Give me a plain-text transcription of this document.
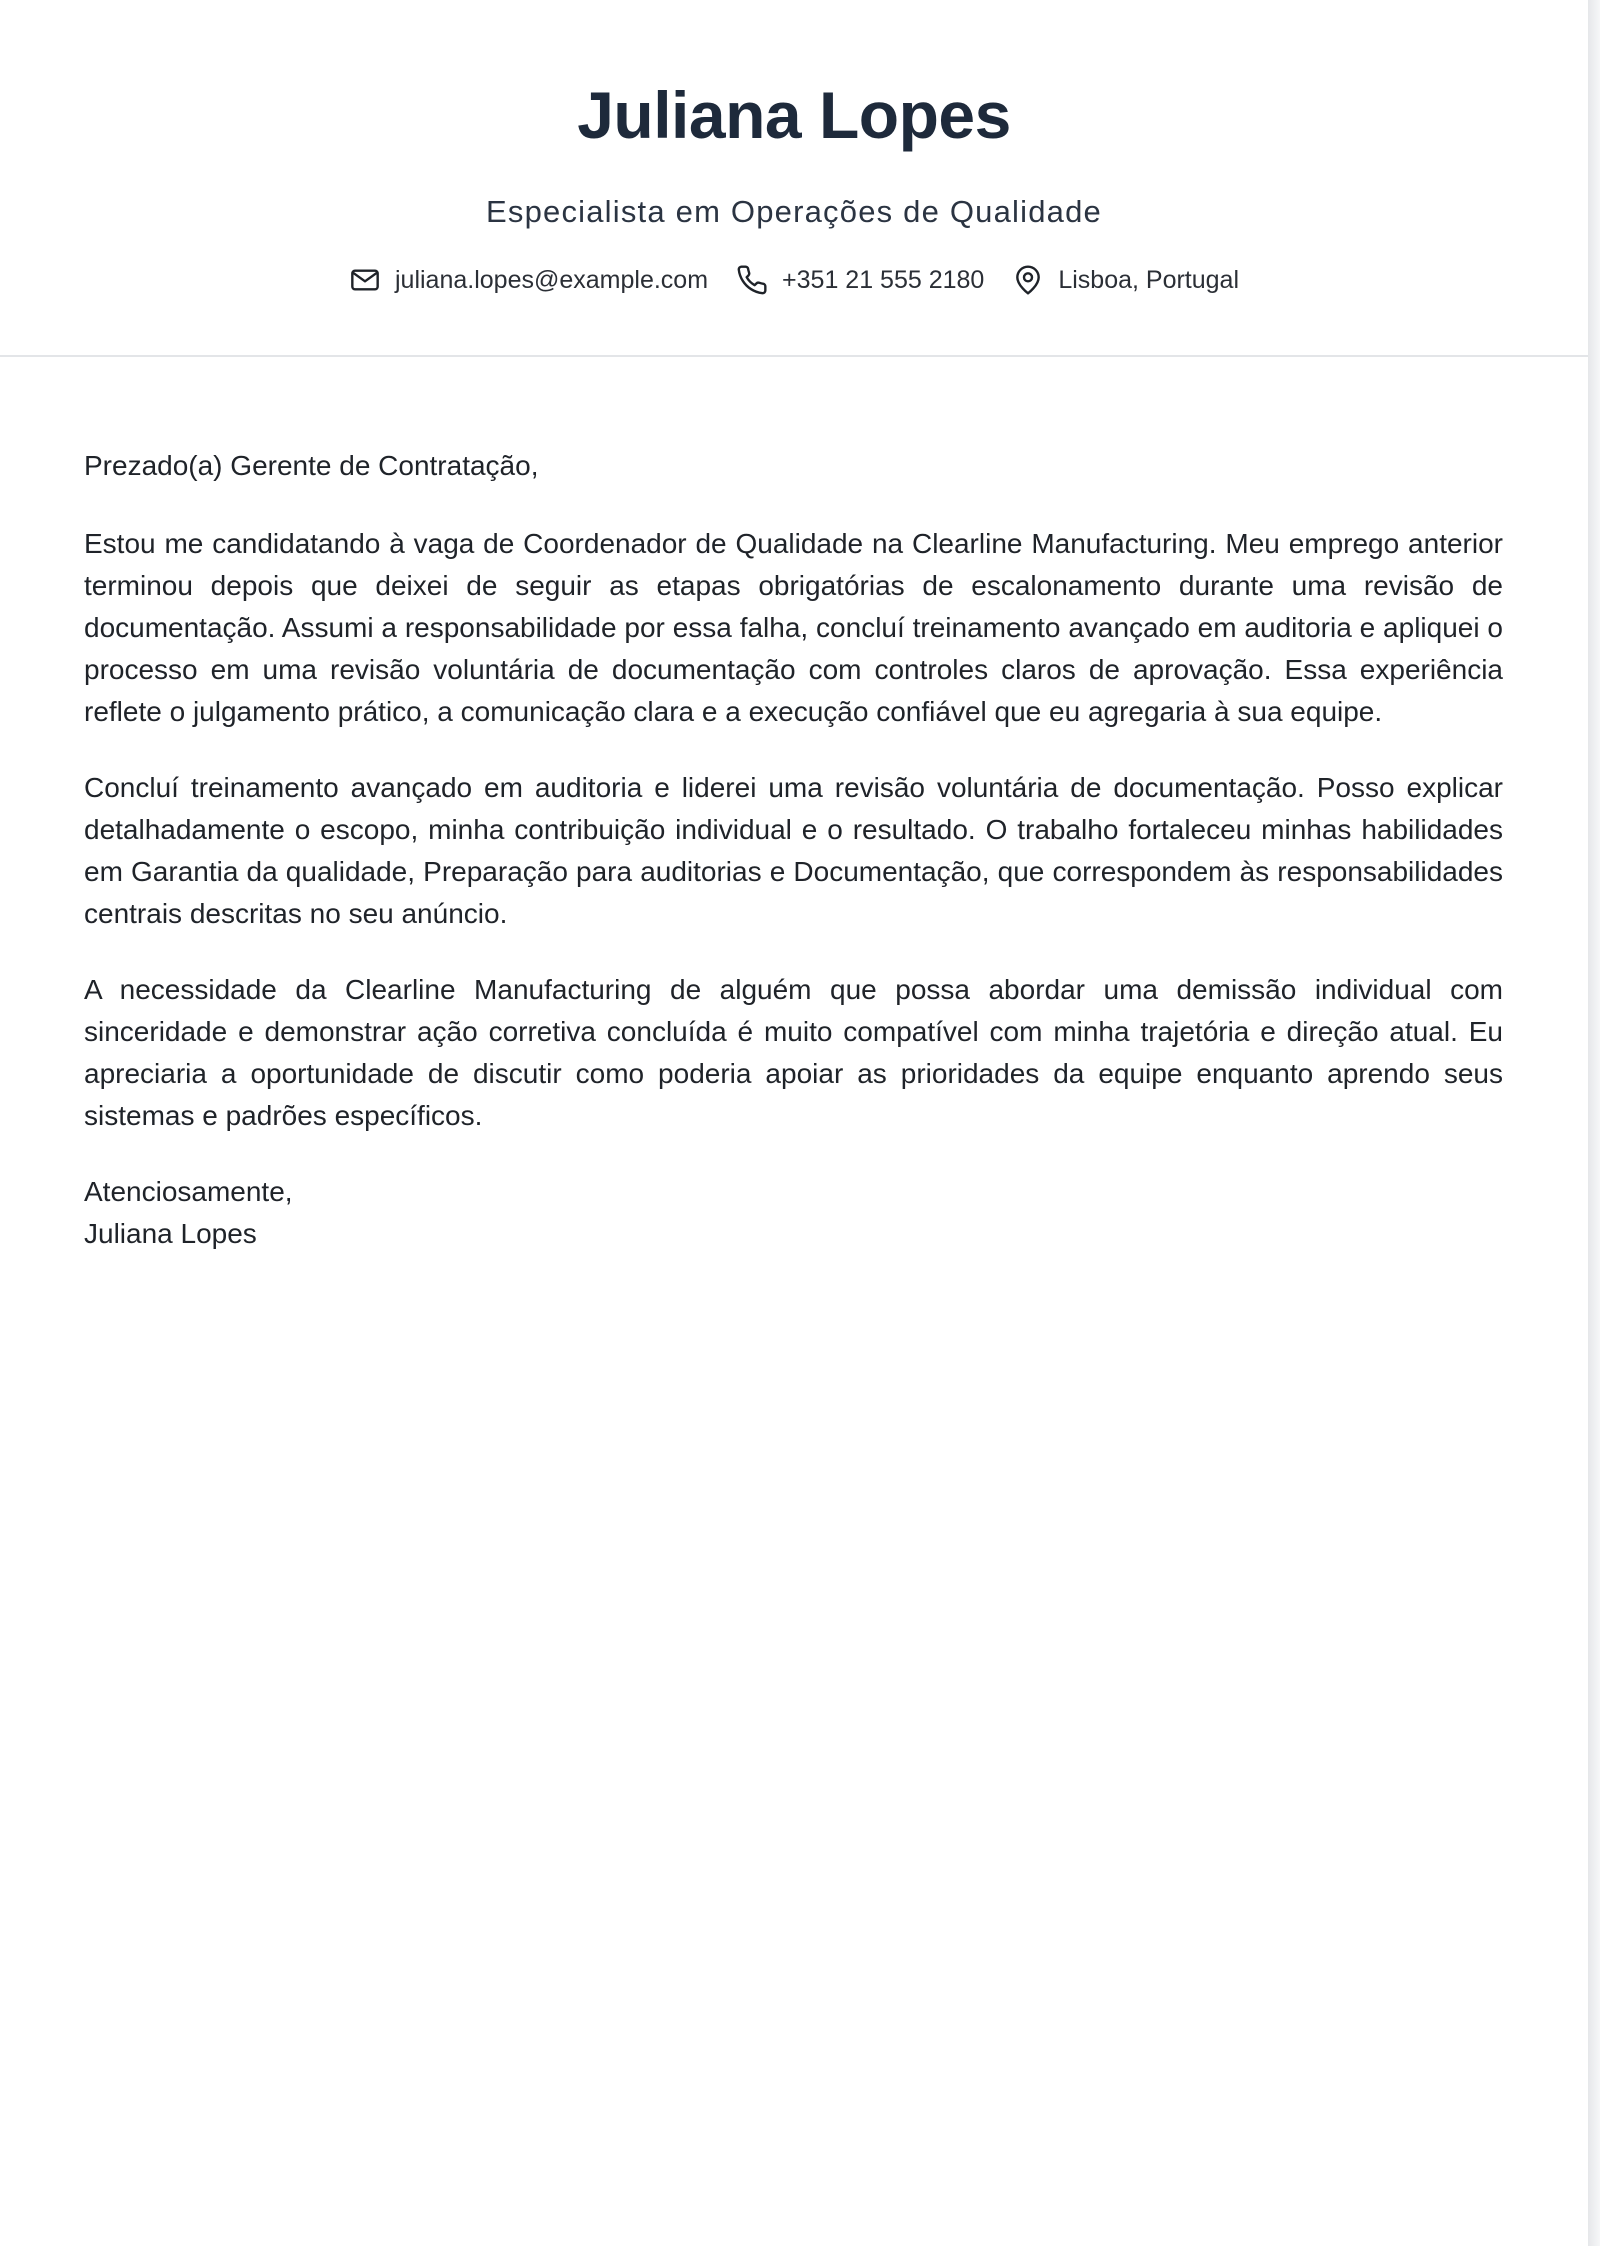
Juliana Lopes
Especialista em Operações de Qualidade
juliana.lopes@example.com	+351 21 555 2180	Lisboa, Portugal

Prezado(a) Gerente de Contratação,

Estou me candidatando à vaga de Coordenador de Qualidade na Clearline Manufacturing. Meu emprego anterior terminou depois que deixei de seguir as etapas obrigatórias de escalonamento durante uma revisão de documentação. Assumi a responsabilidade por essa falha, concluí treinamento avançado em auditoria e apliquei o processo em uma revisão voluntária de documentação com controles claros de aprovação. Essa experiência reflete o julgamento prático, a comunicação clara e a execução confiável que eu agregaria à sua equipe.

Concluí treinamento avançado em auditoria e liderei uma revisão voluntária de documentação. Posso explicar detalhadamente o escopo, minha contribuição individual e o resultado. O trabalho fortaleceu minhas habilidades em Garantia da qualidade, Preparação para auditorias e Documentação, que correspondem às responsabilidades centrais descritas no seu anúncio.

A necessidade da Clearline Manufacturing de alguém que possa abordar uma demissão individual com sinceridade e demonstrar ação corretiva concluída é muito compatível com minha trajetória e direção atual. Eu apreciaria a oportunidade de discutir como poderia apoiar as prioridades da equipe enquanto aprendo seus sistemas e padrões específicos.

Atenciosamente,
Juliana Lopes
